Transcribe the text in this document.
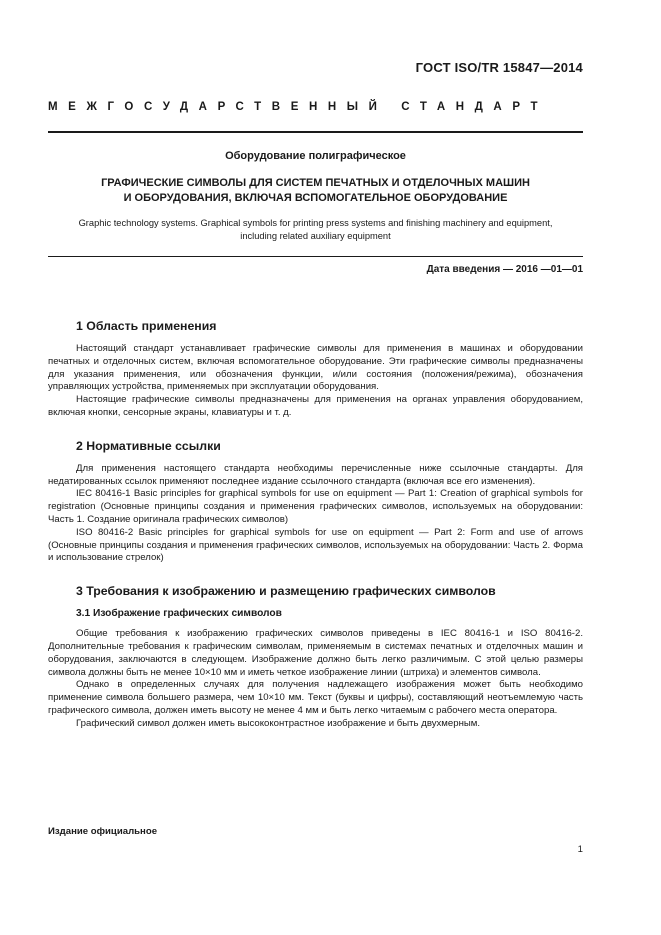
ГОСТ ISO/TR 15847—2014
МЕЖГОСУДАРСТВЕННЫЙ СТАНДАРТ
Оборудование полиграфическое
ГРАФИЧЕСКИЕ СИМВОЛЫ ДЛЯ СИСТЕМ ПЕЧАТНЫХ И ОТДЕЛОЧНЫХ МАШИН
И ОБОРУДОВАНИЯ, ВКЛЮЧАЯ ВСПОМОГАТЕЛЬНОЕ ОБОРУДОВАНИЕ
Graphic technology systems. Graphical symbols for printing press systems and finishing machinery and equipment,
including related auxiliary equipment
Дата введения — 2016 —01—01
1 Область применения

Настоящий стандарт устанавливает графические символы для применения в машинах и оборудовании печатных и отделочных систем, включая вспомогательное оборудование. Эти графические символы предназначены для указания применения, или обозначения функции, и/или состояния (положения/режима), обозначения управляющих устройства, применяемых при эксплуатации оборудования.

Настоящие графические символы предназначены для применения на органах управления оборудованием, включая кнопки, сенсорные экраны, клавиатуры и т. д.

2 Нормативные ссылки

Для применения настоящего стандарта необходимы перечисленные ниже ссылочные стандарты. Для недатированных ссылок применяют последнее издание ссылочного стандарта (включая все его изменения).

IEC 80416-1 Basic principles for graphical symbols for use on equipment — Part 1: Creation of graphical symbols for registration (Основные принципы создания и применения графических символов, используемых на оборудовании: Часть 1. Создание оригинала графических символов)

ISO 80416-2 Basic principles for graphical symbols for use on equipment — Part 2: Form and use of arrows (Основные принципы создания и применения графических символов, используемых на оборудовании: Часть 2. Форма и использование стрелок)

3 Требования к изображению и размещению графических символов
3.1 Изображение графических символов

Общие требования к изображению графических символов приведены в IEC 80416-1 и ISO 80416-2. Дополнительные требования к графическим символам, применяемым в системах печатных и отделочных машин и оборудования, заключаются в следующем. Изображение должно быть легко различимым. С этой целью размеры символа должны быть не менее 10×10 мм и иметь четкое изображение линии (штриха) и элементов символа.

Однако в определенных случаях для получения надлежащего изображения может быть необходимо применение символа большего размера, чем 10×10 мм. Текст (буквы и цифры), составляющий неотъемлемую часть графического символа, должен иметь высоту не менее 4 мм и быть легко читаемым с рабочего места оператора.

Графический символ должен иметь высококонтрастное изображение и быть двухмерным.

Издание официальное
1
